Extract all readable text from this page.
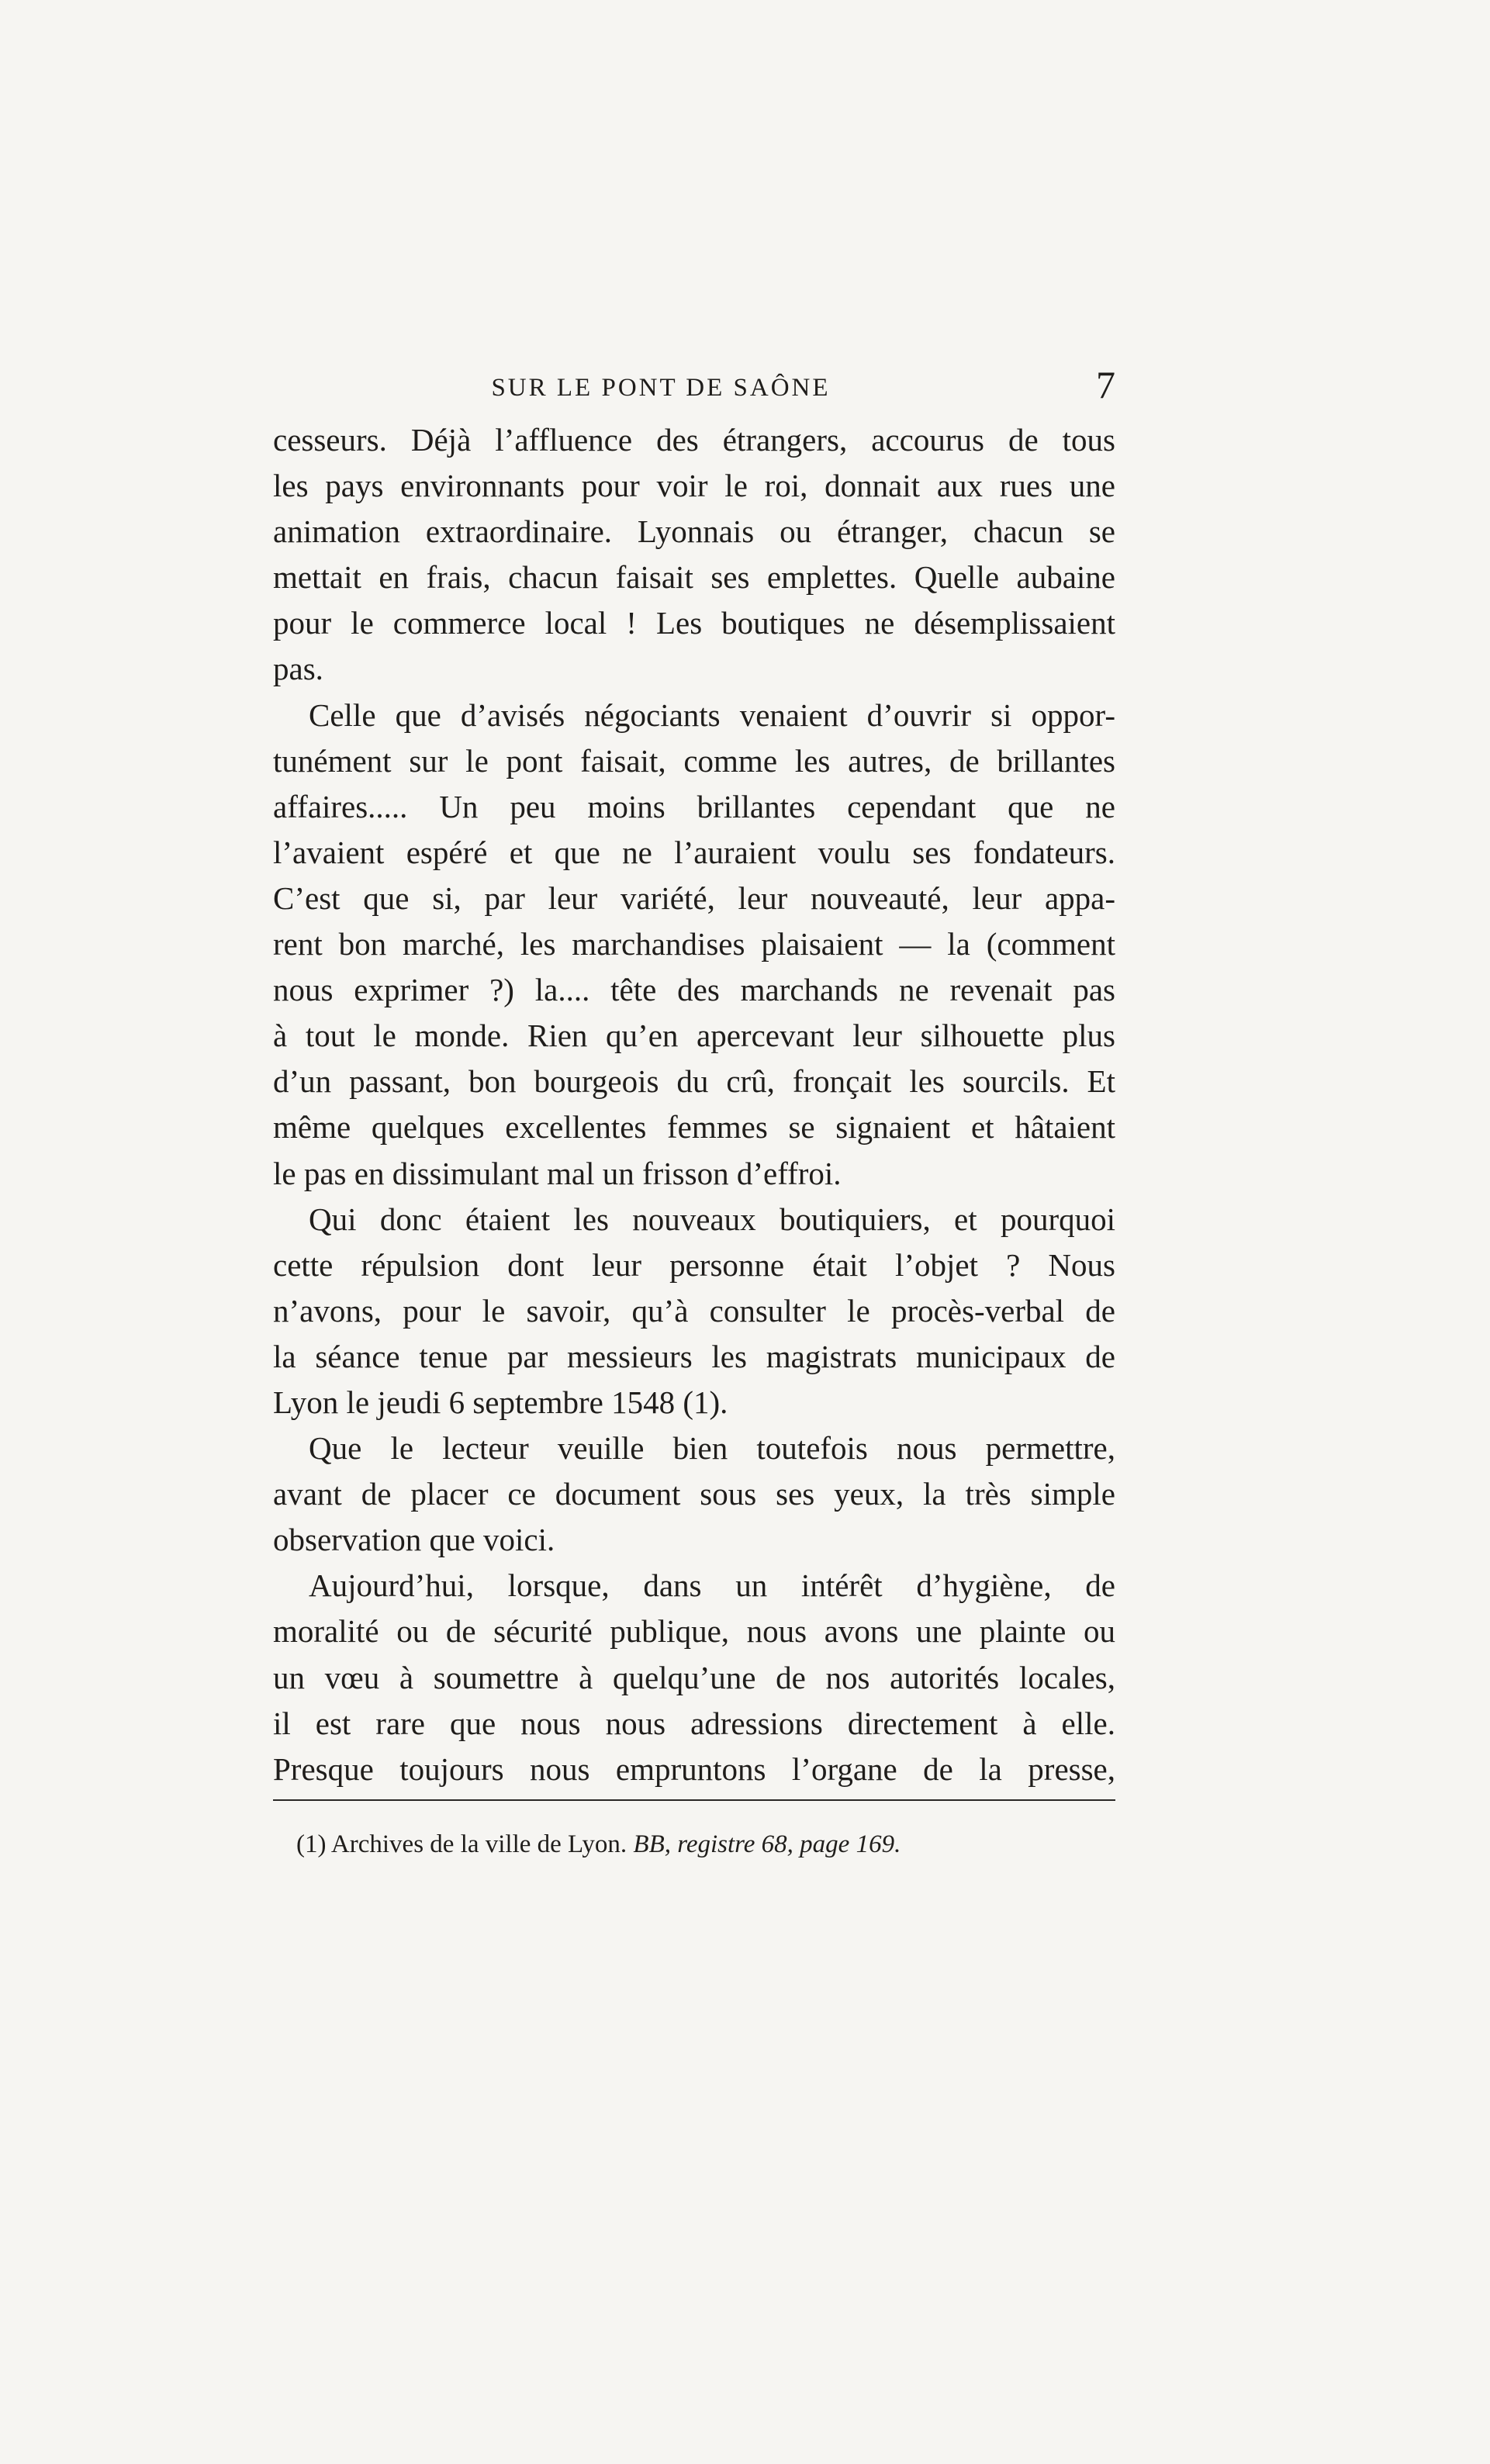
SUR LE PONT DE SAÔNE	7
cesseurs. Déjà l’affluence des étrangers, accourus de tous
les pays environnants pour voir le roi, donnait aux rues une
animation extraordinaire. Lyonnais ou étranger, chacun se
mettait en frais, chacun faisait ses emplettes. Quelle aubaine
pour le commerce local ! Les boutiques ne désemplissaient
pas.
Celle que d’avisés négociants venaient d’ouvrir si oppor-
tunément sur le pont faisait, comme les autres, de brillantes
affaires..... Un peu moins brillantes cependant que ne
l’avaient espéré et que ne l’auraient voulu ses fondateurs.
C’est que si, par leur variété, leur nouveauté, leur appa-
rent bon marché, les marchandises plaisaient — la (comment
nous exprimer ?) la.... tête des marchands ne revenait pas
à tout le monde. Rien qu’en apercevant leur silhouette plus
d’un passant, bon bourgeois du crû, fronçait les sourcils. Et
même quelques excellentes femmes se signaient et hâtaient
le pas en dissimulant mal un frisson d’effroi.
Qui donc étaient les nouveaux boutiquiers, et pourquoi
cette répulsion dont leur personne était l’objet ? Nous
n’avons, pour le savoir, qu’à consulter le procès-verbal de
la séance tenue par messieurs les magistrats municipaux de
Lyon le jeudi 6 septembre 1548 (1).
Que le lecteur veuille bien toutefois nous permettre,
avant de placer ce document sous ses yeux, la très simple
observation que voici.
Aujourd’hui, lorsque, dans un intérêt d’hygiène, de
moralité ou de sécurité publique, nous avons une plainte ou
un vœu à soumettre à quelqu’une de nos autorités locales,
il est rare que nous nous adressions directement à elle.
Presque toujours nous empruntons l’organe de la presse,
(1) Archives de la ville de Lyon. BB, registre 68, page 169.
